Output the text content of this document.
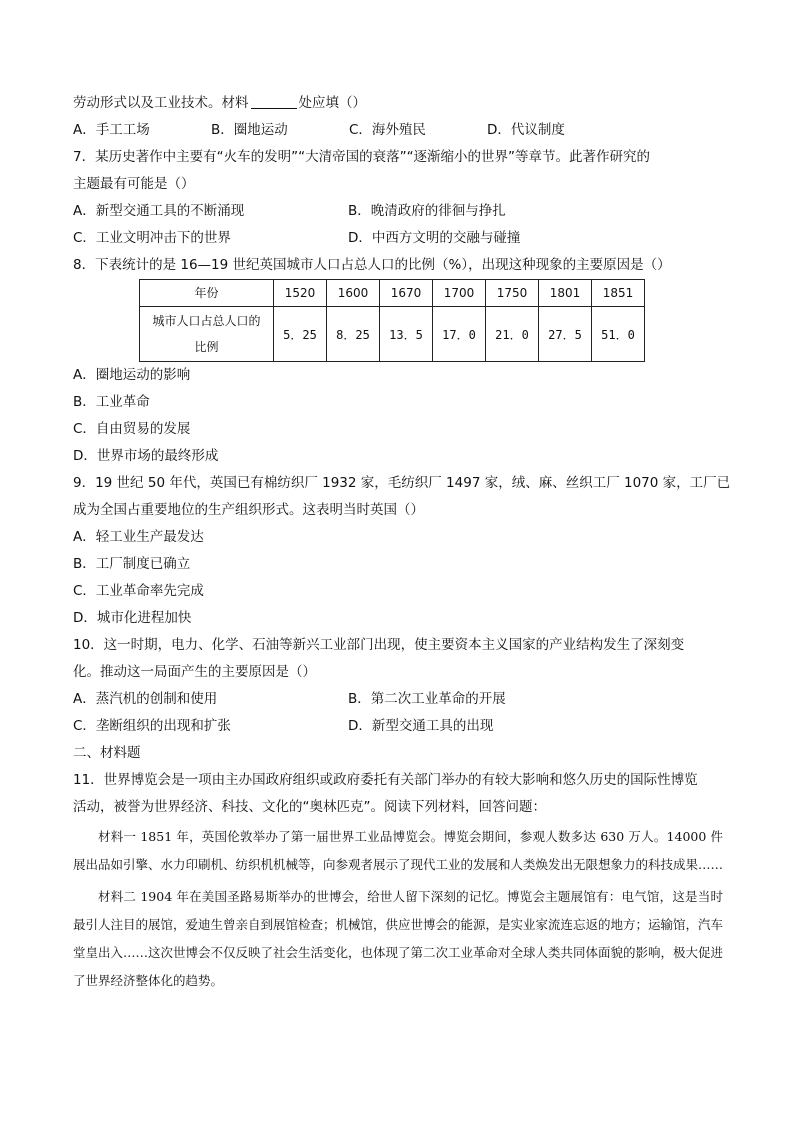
劳动形式以及工业技术。材料	处应填（）
A．手工工场	B．圈地运动	C．海外殖民	D．代议制度
7．某历史著作中主要有“火车的发明”“大清帝国的衰落”“逐渐缩小的世界”等章节。此著作研究的
主题最有可能是（）
A．新型交通工具的不断涌现	B．晚清政府的徘徊与挣扎
C．工业文明冲击下的世界	D．中西方文明的交融与碰撞
8．下表统计的是 16—19 世纪英国城市人口占总人口的比例（%），出现这种现象的主要原因是（）
年份	1520	1600	1670	1700	1750	1801	1851

城市人口占总人口的
比例	5．25	8．25	13．5	17．0	21．0	27．5	51．0
A．圈地运动的影响
B．工业革命
C．自由贸易的发展
D．世界市场的最终形成
9．19 世纪 50 年代，英国已有棉纺织厂 1932 家，毛纺织厂 1497 家，绒、麻、丝织工厂 1070 家，工厂已
成为全国占重要地位的生产组织形式。这表明当时英国（）
A．轻工业生产最发达
B．工厂制度已确立
C．工业革命率先完成
D．城市化进程加快
10．这一时期，电力、化学、石油等新兴工业部门出现，使主要资本主义国家的产业结构发生了深刻变
化。推动这一局面产生的主要原因是（）
A．蒸汽机的创制和使用	B．第二次工业革命的开展
C．垄断组织的出现和扩张	D．新型交通工具的出现
二、材料题
11．世界博览会是一项由主办国政府组织或政府委托有关部门举办的有较大影响和悠久历史的国际性博览
活动，被誉为世界经济、科技、文化的“奥林匹克”。阅读下列材料，回答问题：

材料一 1851 年，英国伦敦举办了第一届世界工业品博览会。博览会期间，参观人数多达 630 万人。14000 件展出品如引擎、水力印刷机、纺织机机械等，向参观者展示了现代工业的发展和人类焕发出无限想象力的科技成果……

材料二 1904 年在美国圣路易斯举办的世博会，给世人留下深刻的记忆。博览会主题展馆有：电气馆，这是当时最引人注目的展馆，爱迪生曾亲自到展馆检查；机械馆，供应世博会的能源，是实业家流连忘返的地方；运输馆，汽车堂皇出入……这次世博会不仅反映了社会生活变化，也体现了第二次工业革命对全球人类共同体面貌的影响，极大促进了世界经济整体化的趋势。
